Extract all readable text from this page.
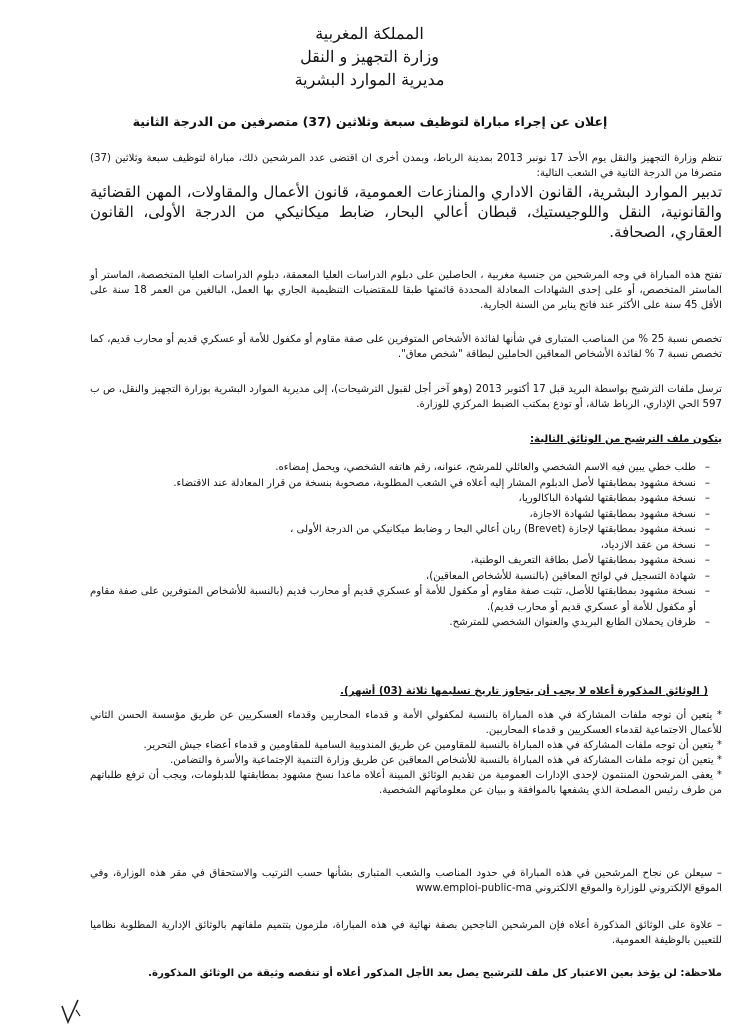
المملكة المغربية
وزارة التجهيز و النقل
مديرية الموارد البشرية
إعلان عن إجراء مباراة لتوظيف سبعة وثلاثين (37) متصرفين من الدرجة الثانية
تنظم وزارة التجهيز والنقل يوم الأحد 17 نونبر 2013 بمدينة الرباط، وبمدن أخرى ان اقتضى عدد المرشحين ذلك، مباراة لتوظيف سبعة وثلاثين (37) متصرفا من الدرجة الثانية في الشعب التالية:
تدبير الموارد البشرية، القانون الاداري والمنازعات العمومية، قانون الأعمال والمقاولات، المهن القضائية والقانونية، النقل واللوجيستيك، قبطان أعالي البحار، ضابط ميكانيكي من الدرجة الأولى، القانون العقاري، الصحافة.
تفتح هذه المباراة في وجه المرشحين من جنسية مغربية ، الحاصلين على دبلوم الدراسات العليا المعمقة، دبلوم الدراسات العليا المتخصصة، الماستر أو الماستر المتخصص، أو على إحدى الشهادات المعادلة المحددة قائمتها طبقا للمقتضيات التنظيمية الجاري بها العمل، البالغين من العمر 18 سنة على الأقل 45 سنة على الأكثر عند فاتح يناير من السنة الجارية.
تخصص نسبة 25 % من المناصب المتبارى في شأنها لفائدة الأشخاص المتوفرين على صفة مقاوم أو مكفول للأمة أو عسكري قديم أو محارب قديم، كما تخصص نسبة 7 % لفائدة الأشخاص المعاقين الحاملين لبطاقة "شخص معاق".
ترسل ملفات الترشيح بواسطة البريد قبل 17 أكتوبر 2013 (وهو آخر أجل لقبول الترشيحات)، إلى مديرية الموارد البشرية بوزارة التجهيز والنقل، ص ب 597 الحي الإداري، الرباط شالة، أو تودع بمكتب الضبط المركزي للوزارة.
يتكون ملف الترشيح من الوثائق التالية:
– طلب خطي يبين فيه الاسم الشخصي والعائلي للمرشح، عنوانه، رقم هاتفه الشخصي، ويحمل إمضاءه.
– نسخة مشهود بمطابقتها لأصل الدبلوم المشار إليه أعلاه في الشعب المطلوبة، مصحوبة بنسخة من قرار المعادلة عند الاقتضاء.
– نسخة مشهود بمطابقتها لشهادة الباكالوريا،
– نسخة مشهود بمطابقتها لشهادة الاجازة،
– نسخة مشهود بمطابقتها لإجازة (Brevet) ربان أعالي البحا ر وضابط ميكانيكي من الدرجة الأولى ،
– نسخة من عقد الازدياد،
– نسخة مشهود بمطابقتها لأصل بطاقة التعريف الوطنية،
– شهادة التسجيل في لوائح المعاقين (بالنسبة للأشخاص المعاقين)،
– نسخة مشهود بمطابقتها للأصل، تثبت صفة مقاوم أو مكفول للأمة أو عسكري قديم أو محارب قديم (بالنسبة للأشخاص المتوفرين على صفة مقاوم أو مكفول للأمة أو عسكري قديم أو محارب قديم).
– ظرفان يحملان الطابع البريدي والعنوان الشخصي للمترشح.
( الوثائق المذكورة أعلاه لا يجب أن يتجاوز تاريخ تسليمها ثلاثة (03) أشهر).

* يتعين أن توجه ملفات المشاركة في هذه المباراة بالنسبة لمكفولي الأمة و قدماء المحاربين وقدماء العسكريين عن طريق مؤسسة الحسن الثاني للأعمال الاجتماعية لقدماء العسكريين و قدماء المحاربين.

* يتعين أن توجه ملفات المشاركة في هذه المباراة بالنسبة للمقاومين عن طريق المندوبية السامية للمقاومين و قدماء أعضاء جيش التحرير.

* يتعين أن توجه ملفات المشاركة في هذه المباراة بالنسبة للأشخاص المعاقين عن طريق وزارة التنمية الإجتماعية والأسرة والتضامن.

* يعفى المرشحون المنتمون لإحدى الإدارات العمومية من تقديم الوثائق المبينة أعلاه ماعدا نسخ مشهود بمطابقتها للدبلومات، ويجب أن ترفع طلباتهم من طرف رئيس المصلحة الذي يشفعها بالموافقة و ببيان عن معلوماتهم الشخصية.

– سيعلن عن نجاح المرشحين في هذه المباراة في حدود المناصب والشعب المتبارى بشأنها حسب الترتيب والاستحقاق في مقر هذه الوزارة، وفي الموقع الإلكتروني للوزارة والموقع الالكتروني www.emploi-public-ma
– علاوة على الوثائق المذكورة أعلاه فإن المرشحين الناجحين بصفة نهائية في هذه المباراة، ملزمون بتتميم ملفاتهم بالوثائق الإدارية المطلوبة نظاميا للتعيين بالوظيفة العمومية.
ملاحظة: لن يؤخذ بعين الاعتبار كل ملف للترشيح يصل بعد الأجل المذكور أعلاه أو تنقصه وثيقة من الوثائق المذكورة.
